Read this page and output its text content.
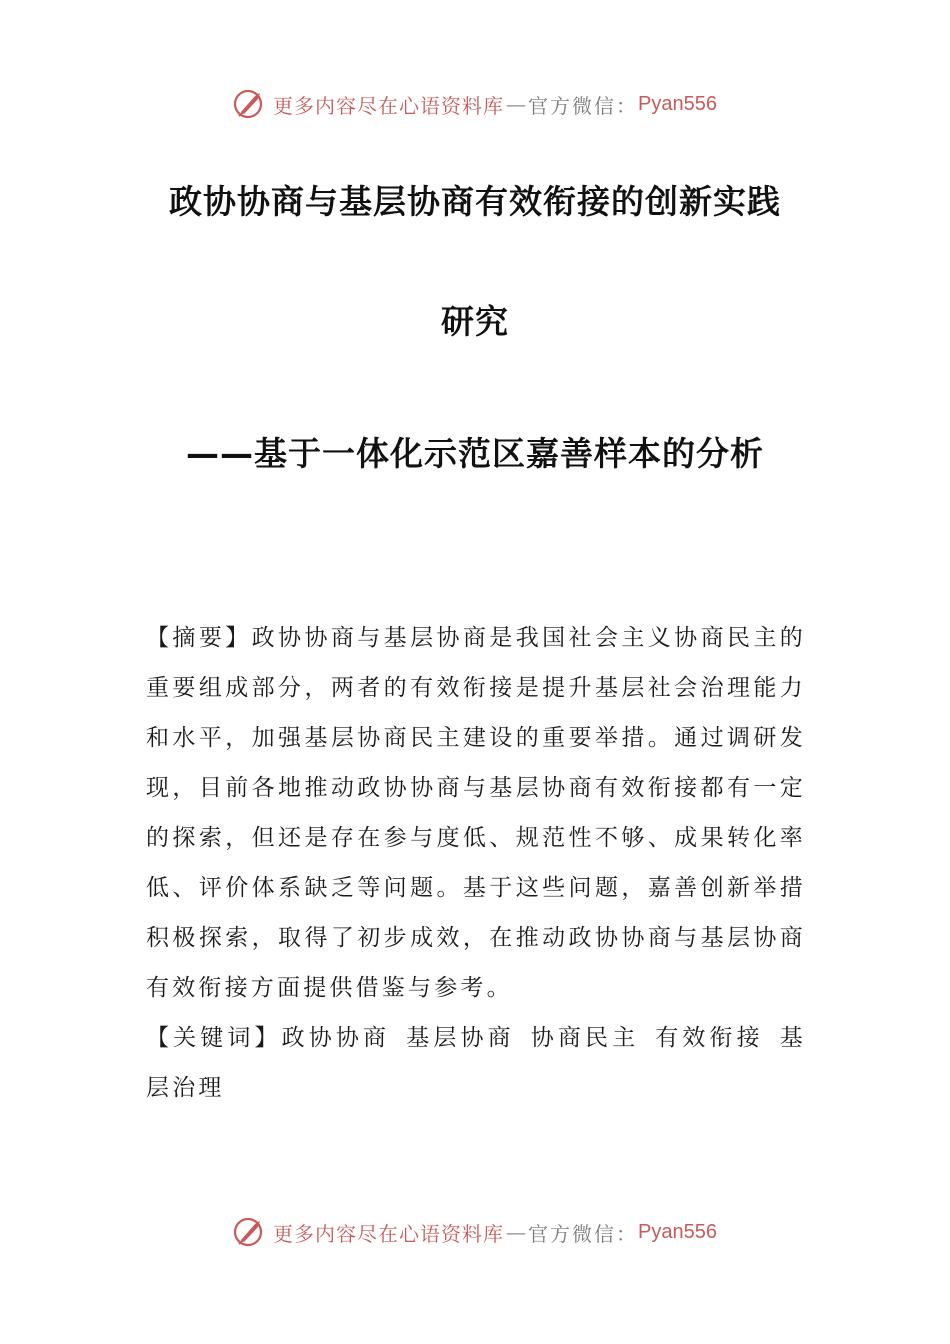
更多内容尽在心语资料库 — 官方微信： Pyan556
政协协商与基层协商有效衔接的创新实践
研究
——基于一体化示范区嘉善样本的分析
【摘要】政协协商与基层协商是我国社会主义协商民主的重要组成部分，两者的有效衔接是提升基层社会治理能力和水平，加强基层协商民主建设的重要举措。通过调研发现，目前各地推动政协协商与基层协商有效衔接都有一定的探索，但还是存在参与度低、规范性不够、成果转化率低、评价体系缺乏等问题。基于这些问题，嘉善创新举措积极探索，取得了初步成效，在推动政协协商与基层协商有效衔接方面提供借鉴与参考。
【关键词】政协协商 基层协商 协商民主 有效衔接 基层治理
更多内容尽在心语资料库 — 官方微信： Pyan556
